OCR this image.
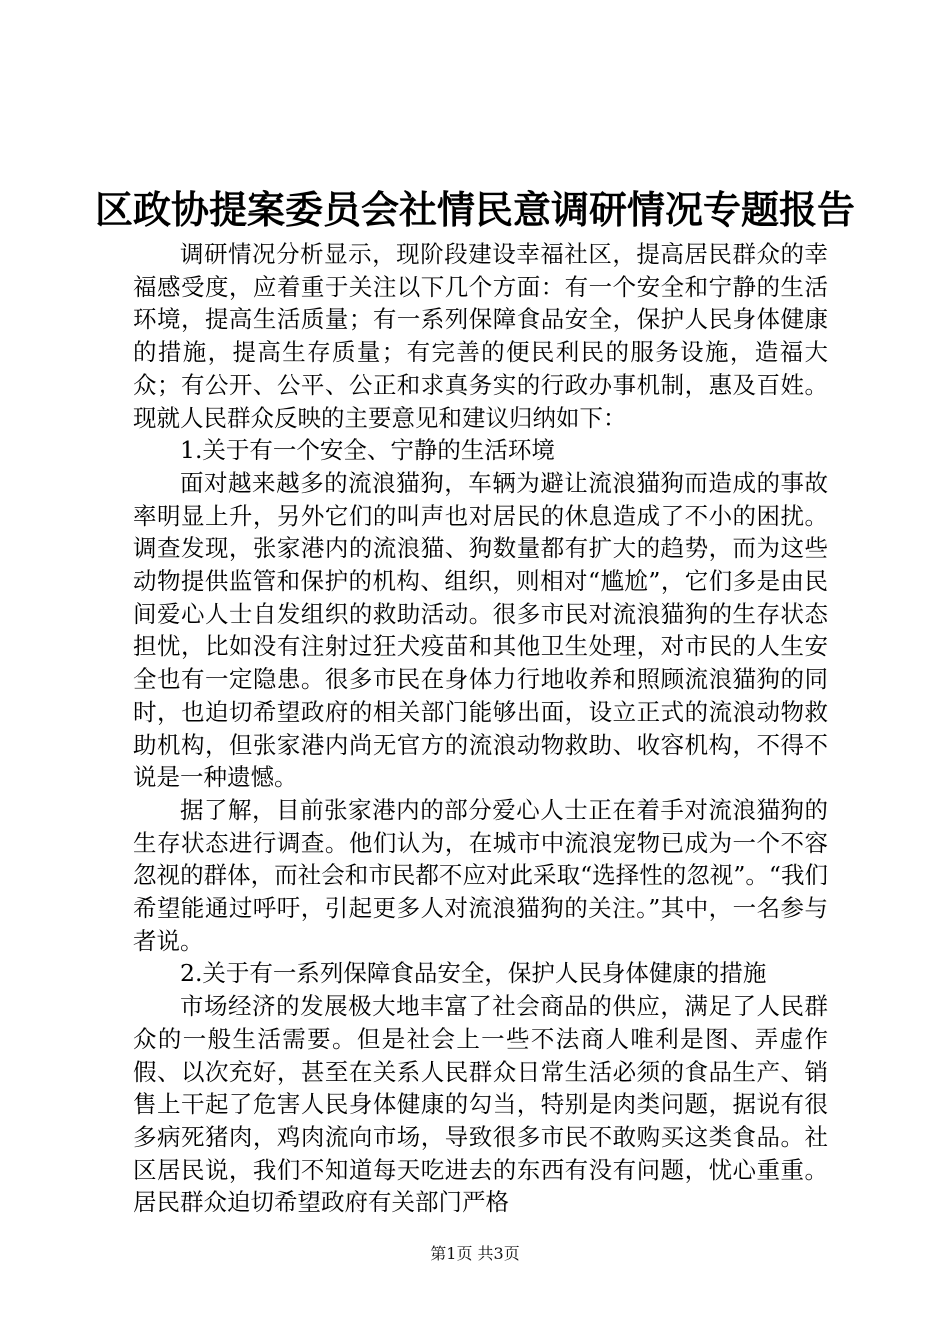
区政协提案委员会社情民意调研情况专题报告

调研情况分析显示，现阶段建设幸福社区，提高居民群众的幸福感受度，应着重于关注以下几个方面：有一个安全和宁静的生活环境，提高生活质量；有一系列保障食品安全，保护人民身体健康的措施，提高生存质量；有完善的便民利民的服务设施，造福大众；有公开、公平、公正和求真务实的行政办事机制，惠及百姓。现就人民群众反映的主要意见和建议归纳如下：

1.关于有一个安全、宁静的生活环境

面对越来越多的流浪猫狗，车辆为避让流浪猫狗而造成的事故率明显上升，另外它们的叫声也对居民的休息造成了不小的困扰。调查发现，张家港内的流浪猫、狗数量都有扩大的趋势，而为这些动物提供监管和保护的机构、组织，则相对“尴尬”，它们多是由民间爱心人士自发组织的救助活动。很多市民对流浪猫狗的生存状态担忧，比如没有注射过狂犬疫苗和其他卫生处理，对市民的人生安全也有一定隐患。很多市民在身体力行地收养和照顾流浪猫狗的同时，也迫切希望政府的相关部门能够出面，设立正式的流浪动物救助机构，但张家港内尚无官方的流浪动物救助、收容机构，不得不说是一种遗憾。

据了解，目前张家港内的部分爱心人士正在着手对流浪猫狗的生存状态进行调查。他们认为，在城市中流浪宠物已成为一个不容忽视的群体，而社会和市民都不应对此采取“选择性的忽视”。“我们希望能通过呼吁，引起更多人对流浪猫狗的关注。”其中，一名参与者说。

2.关于有一系列保障食品安全，保护人民身体健康的措施

市场经济的发展极大地丰富了社会商品的供应，满足了人民群众的一般生活需要。但是社会上一些不法商人唯利是图、弄虚作假、以次充好，甚至在关系人民群众日常生活必须的食品生产、销售上干起了危害人民身体健康的勾当，特别是肉类问题，据说有很多病死猪肉，鸡肉流向市场，导致很多市民不敢购买这类食品。社区居民说，我们不知道每天吃进去的东西有没有问题，忧心重重。居民群众迫切希望政府有关部门严格

第1页 共3页
